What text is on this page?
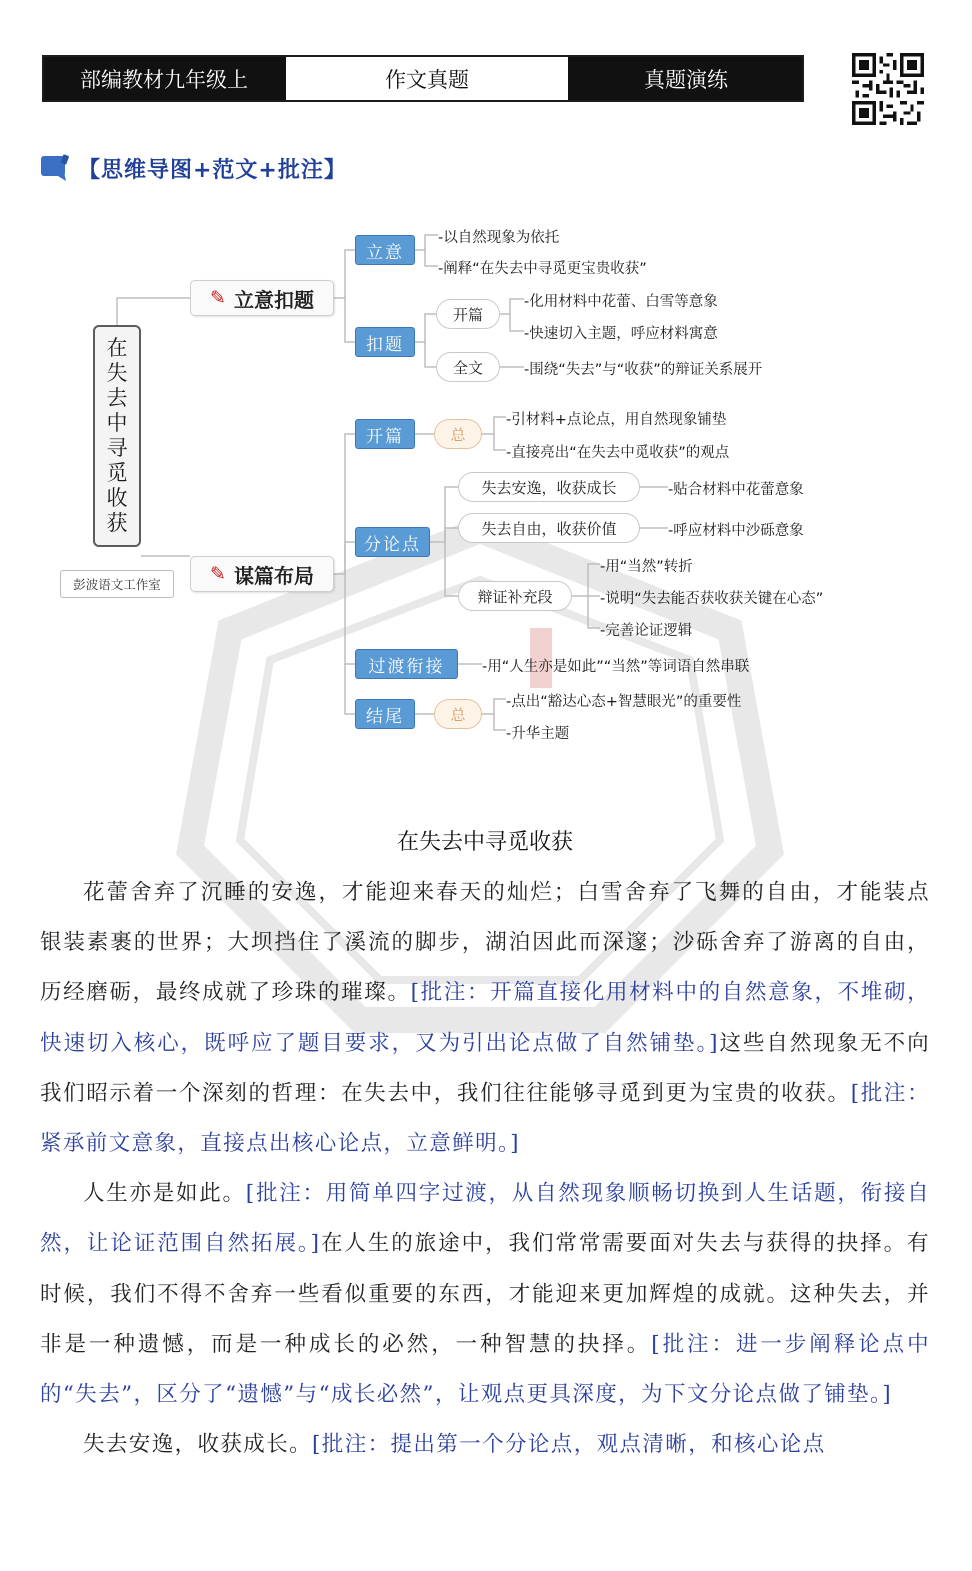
部编教材九年级上	作文真题	真题演练
【思维导图+范文+批注】
在
失
去
中
寻
觅
收
获
彭波语文工作室
✎ 立意扣题
立意
-以自然现象为依托
-阐释“在失去中寻觅更宝贵收获”
扣题
开篇
-化用材料中花蕾、白雪等意象
-快速切入主题，呼应材料寓意
全文	-围绕“失去”与“收获”的辩证关系展开
✎ 谋篇布局
开篇	总
-引材料+点论点，用自然现象铺垫
-直接亮出“在失去中觅收获”的观点
分论点
失去安逸，收获成长	-贴合材料中花蕾意象
失去自由，收获价值	-呼应材料中沙砾意象
辩证补充段
-用“当然”转折
-说明“失去能否获收获关键在心态”
-完善论证逻辑
过渡衔接	-用“人生亦是如此”“当然”等词语自然串联
结尾	总
-点出“豁达心态+智慧眼光”的重要性
-升华主题
在失去中寻觅收获

花蕾舍弃了沉睡的安逸，才能迎来春天的灿烂；白雪舍弃了飞舞的自由，才能装点银装素裹的世界；大坝挡住了溪流的脚步，湖泊因此而深邃；沙砾舍弃了游离的自由，历经磨砺，最终成就了珍珠的璀璨。[批注：开篇直接化用材料中的自然意象，不堆砌，快速切入核心，既呼应了题目要求，又为引出论点做了自然铺垫。]这些自然现象无不向我们昭示着一个深刻的哲理：在失去中，我们往往能够寻觅到更为宝贵的收获。[批注：紧承前文意象，直接点出核心论点，立意鲜明。]

人生亦是如此。[批注：用简单四字过渡，从自然现象顺畅切换到人生话题，衔接自然，让论证范围自然拓展。]在人生的旅途中，我们常常需要面对失去与获得的抉择。有时候，我们不得不舍弃一些看似重要的东西，才能迎来更加辉煌的成就。这种失去，并非是一种遗憾，而是一种成长的必然，一种智慧的抉择。[批注：进一步阐释论点中的“失去”，区分了“遗憾”与“成长必然”，让观点更具深度，为下文分论点做了铺垫。]

失去安逸，收获成长。[批注：提出第一个分论点，观点清晰，和核心论点
